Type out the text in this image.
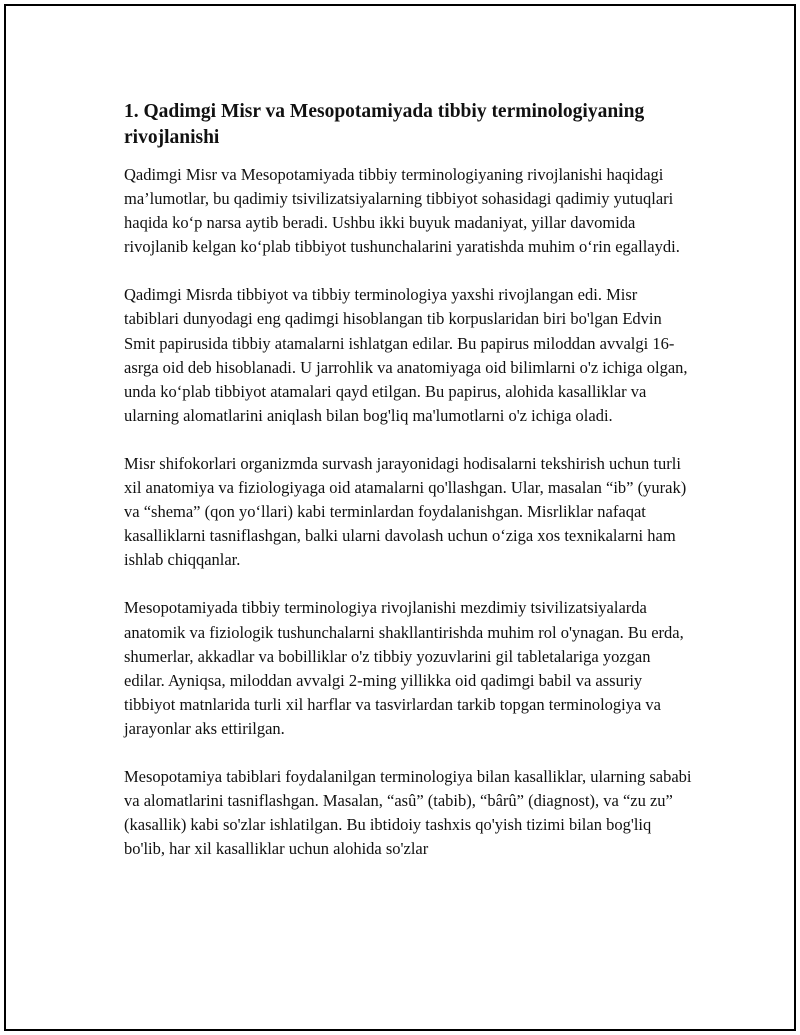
1. Qadimgi Misr va Mesopotamiyada tibbiy terminologiyaning rivojlanishi

Qadimgi Misr va Mesopotamiyada tibbiy terminologiyaning rivojlanishi haqidagi ma’lumotlar, bu qadimiy tsivilizatsiyalarning tibbiyot sohasidagi qadimiy yutuqlari haqida ko‘p narsa aytib beradi. Ushbu ikki buyuk madaniyat, yillar davomida rivojlanib kelgan ko‘plab tibbiyot tushunchalarini yaratishda muhim o‘rin egallaydi.

Qadimgi Misrda tibbiyot va tibbiy terminologiya yaxshi rivojlangan edi. Misr tabiblari dunyodagi eng qadimgi hisoblangan tib korpuslaridan biri bo'lgan Edvin Smit papirusida tibbiy atamalarni ishlatgan edilar. Bu papirus miloddan avvalgi 16-asrga oid deb hisoblanadi. U jarrohlik va anatomiyaga oid bilimlarni o'z ichiga olgan, unda ko‘plab tibbiyot atamalari qayd etilgan. Bu papirus, alohida kasalliklar va ularning alomatlarini aniqlash bilan bog'liq ma'lumotlarni o'z ichiga oladi.

Misr shifokorlari organizmda survash jarayonidagi hodisalarni tekshirish uchun turli xil anatomiya va fiziologiyaga oid atamalarni qo'llashgan. Ular, masalan “ib” (yurak) va “shema” (qon yo‘llari) kabi terminlardan foydalanishgan. Misrliklar nafaqat kasalliklarni tasniflashgan, balki ularni davolash uchun o‘ziga xos texnikalarni ham ishlab chiqqanlar.

Mesopotamiyada tibbiy terminologiya rivojlanishi mezdimiy tsivilizatsiyalarda anatomik va fiziologik tushunchalarni shakllantirishda muhim rol o'ynagan. Bu erda, shumerlar, akkadlar va bobilliklar o'z tibbiy yozuvlarini gil tabletalariga yozgan edilar. Ayniqsa, miloddan avvalgi 2-ming yillikka oid qadimgi babil va assuriy tibbiyot matnlarida turli xil harflar va tasvirlardan tarkib topgan terminologiya va jarayonlar aks ettirilgan.

Mesopotamiya tabiblari foydalanilgan terminologiya bilan kasalliklar, ularning sababi va alomatlarini tasniflashgan. Masalan, “asû” (tabib), “bârû” (diagnost), va “zu zu” (kasallik) kabi so'zlar ishlatilgan. Bu ibtidoiy tashxis qo'yish tizimi bilan bog'liq bo'lib, har xil kasalliklar uchun alohida so'zlar
